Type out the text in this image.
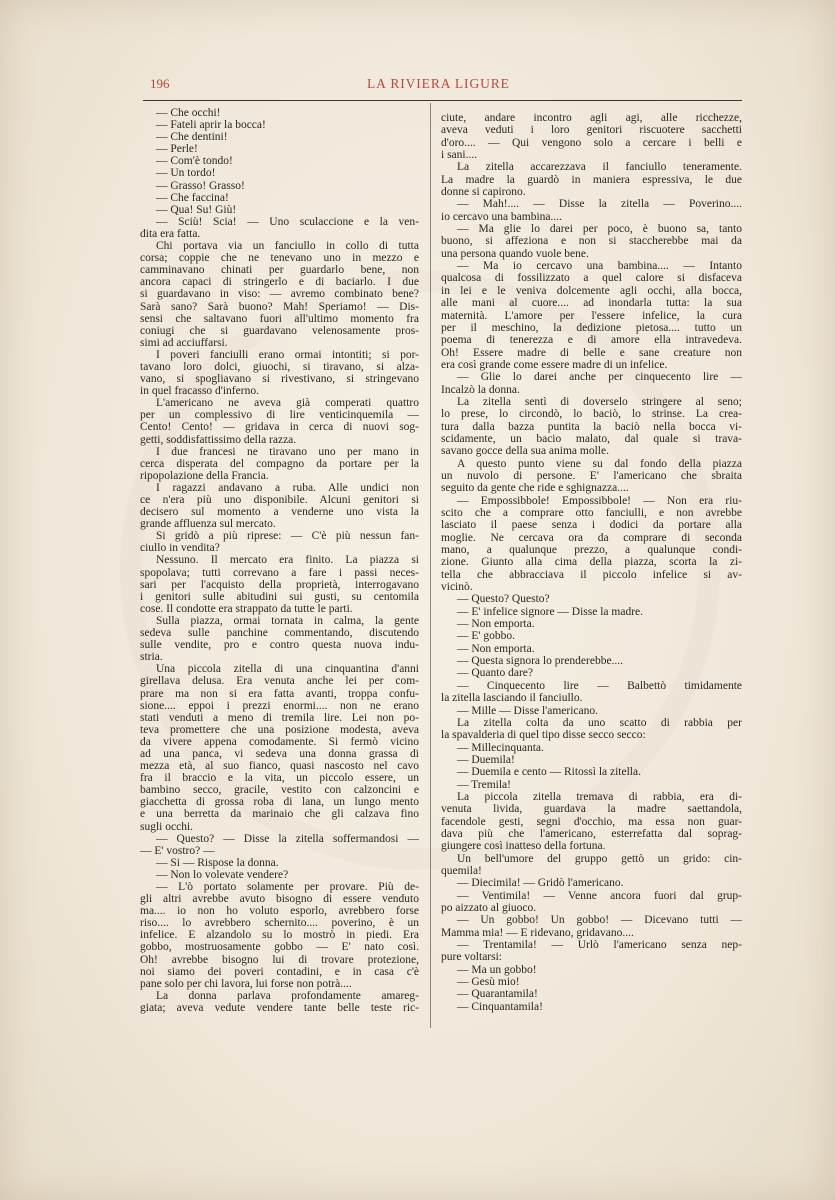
196	LA RIVIERA LIGURE
— Che occhi!
— Fateli aprir la bocca!
— Che dentini!
— Perle!
— Com'è tondo!
— Un tordo!
— Grasso! Grasso!
— Che faccina!
— Qua! Su! Giù!
— Sciù! Scia! — Uno sculaccione e la ven-
dita era fatta.
Chi portava via un fanciullo in collo di tutta
corsa; coppie che ne tenevano uno in mezzo e
camminavano chinati per guardarlo bene, non
ancora capaci di stringerlo e di baciarlo. I due
si guardavano in viso: — avremo combinato bene?
Sarà sano? Sarà buono? Mah! Speriamo! — Dis-
sensi che saltavano fuori all'ultimo momento fra
coniugi che si guardavano velenosamente pros-
simi ad acciuffarsi.
I poveri fanciulli erano ormai intontiti; si por-
tavano loro dolci, giuochi, si tiravano, si alza-
vano, si spogliavano si rivestivano, si stringevano
in quel fracasso d'inferno.
L'americano ne aveva già comperati quattro
per un complessivo di lire venticinquemila —
Cento! Cento! — gridava in cerca di nuovi sog-
getti, soddisfattissimo della razza.
I due francesi ne tiravano uno per mano in
cerca disperata del compagno da portare per la
ripopolazione della Francia.
I ragazzi andavano a ruba. Alle undici non
ce n'era più uno disponibile. Alcuni genitori si
decisero sul momento a venderne uno vista la
grande affluenza sul mercato.
Si gridò a più riprese: — C'è più nessun fan-
ciullo in vendita?
Nessuno. Il mercato era finito. La piazza si
spopolava; tutti correvano a fare i passi neces-
sari per l'acquisto della proprietà, interrogavano
i genitori sulle abitudini sui gusti, su centomila
cose. Il condotte era strappato da tutte le parti.
Sulla piazza, ormai tornata in calma, la gente
sedeva sulle panchine commentando, discutendo
sulle vendite, pro e contro questa nuova indu-
stria.
Una piccola zitella di una cinquantina d'anni
girellava delusa. Era venuta anche lei per com-
prare ma non si era fatta avanti, troppa confu-
sione.... eppoi i prezzi enormi.... non ne erano
stati venduti a meno di tremila lire. Lei non po-
teva promettere che una posizione modesta, aveva
da vivere appena comodamente. Si fermò vicino
ad una panca, vi sedeva una donna grassa di
mezza età, al suo fianco, quasi nascosto nel cavo
fra il braccio e la vita, un piccolo essere, un
bambino secco, gracile, vestito con calzoncini e
giacchetta di grossa roba di lana, un lungo mento
e una berretta da marinaio che gli calzava fino
sugli occhi.
— Questo? — Disse la zitella soffermandosi —
— E' vostro? —
— Si — Rispose la donna.
— Non lo volevate vendere?
— L'ò portato solamente per provare. Più de-
gli altri avrebbe avuto bisogno di essere venduto
ma.... io non ho voluto esporlo, avrebbero forse
riso.... lo avrebbero schernito.... poverino, è un
infelice. E alzandolo su lo mostrò in piedi. Era
gobbo, mostruosamente gobbo — E' nato così.
Oh! avrebbe bisogno lui di trovare protezione,
noi siamo dei poveri contadini, e in casa c'è
pane solo per chi lavora, lui forse non potrà....
La donna parlava profondamente amareg-
giata; aveva vedute vendere tante belle teste ric-
ciute, andare incontro agli agi, alle ricchezze,
aveva veduti i loro genitori riscuotere sacchetti
d'oro.... — Qui vengono solo a cercare i belli e
i sani....
La zitella accarezzava il fanciullo teneramente.
La madre la guardò in maniera espressiva, le due
donne si capirono.
— Mah!.... — Disse la zitella — Poverino....
io cercavo una bambina....
— Ma glie lo darei per poco, è buono sa, tanto
buono, si affeziona e non si staccherebbe mai da
una persona quando vuole bene.
— Ma io cercavo una bambina.... — Intanto
qualcosa di fossilizzato a quel calore si disfaceva
in lei e le veniva dolcemente agli occhi, alla bocca,
alle mani al cuore.... ad inondarla tutta: la sua
maternità. L'amore per l'essere infelice, la cura
per il meschino, la dedizione pietosa.... tutto un
poema di tenerezza e di amore ella intravedeva.
Oh! Essere madre di belle e sane creature non
era così grande come essere madre di un infelice.
— Glie lo darei anche per cinquecento lire —
Incalzò la donna.
La zitella sentì di doverselo stringere al seno;
lo prese, lo circondò, lo baciò, lo strinse. La crea-
tura dalla bazza puntita la baciò nella bocca vi-
scidamente, un bacio malato, dal quale si trava-
savano gocce della sua anima molle.
A questo punto viene su dal fondo della piazza
un nuvolo di persone. E' l'americano che sbraita
seguito da gente che ride e sghignazza....
— Empossibbole! Empossibbole! — Non era riu-
scito che a comprare otto fanciulli, e non avrebbe
lasciato il paese senza i dodici da portare alla
moglie. Ne cercava ora da comprare di seconda
mano, a qualunque prezzo, a qualunque condi-
zione. Giunto alla cima della piazza, scorta la zi-
tella che abbracciava il piccolo infelice si av-
vicinò.
— Questo? Questo?
— E' infelice signore — Disse la madre.
— Non emporta.
— E' gobbo.
— Non emporta.
— Questa signora lo prenderebbe....
— Quanto dare?
— Cinquecento lire — Balbettò timidamente
la zitella lasciando il fanciullo.
— Mille — Disse l'americano.
La zitella colta da uno scatto di rabbia per
la spavalderia di quel tipo disse secco secco:
— Millecinquanta.
— Duemila!
— Duemila e cento — Ritossì la zitella.
— Tremila!
La piccola zitella tremava di rabbia, era di-
venuta livida, guardava la madre saettandola,
facendole gesti, segni d'occhio, ma essa non guar-
dava più che l'americano, esterrefatta dal soprag-
giungere così inatteso della fortuna.
Un bell'umore del gruppo gettò un grido: cin-
quemila!
— Diecimila! — Gridò l'americano.
— Ventimila! — Venne ancora fuori dal grup-
po aizzato al giuoco.
— Un gobbo! Un gobbo! — Dicevano tutti —
Mamma mia! — E ridevano, gridavano....
— Trentamila! — Urlò l'americano senza nep-
pure voltarsi:
— Ma un gobbo!
— Gesù mio!
— Quarantamila!
— Cinquantamila!
